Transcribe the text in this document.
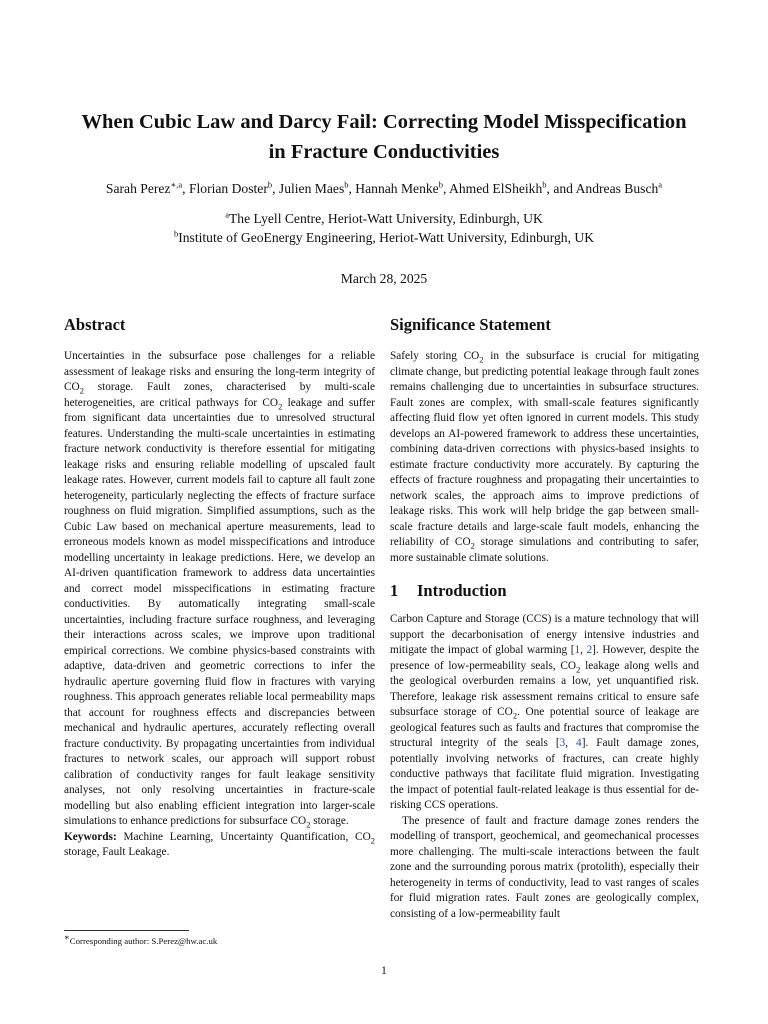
When Cubic Law and Darcy Fail: Correcting Model Misspecification
in Fracture Conductivities
Sarah Perez$^{∗,a}$, Florian Doster$^b$, Julien Maes$^b$, Hannah Menke$^b$, Ahmed ElSheikh$^b$, and Andreas Busch$^a$
$^a$The Lyell Centre, Heriot-Watt University, Edinburgh, UK
$^b$Institute of GeoEnergy Engineering, Heriot-Watt University, Edinburgh, UK
March 28, 2025
Abstract

Uncertainties in the subsurface pose challenges for a reliable assessment of leakage risks and ensuring the long-term integrity of $CO_2$ storage. Fault zones, characterised by multi-scale heterogeneities, are critical pathways for $CO_2$ leakage and suffer from significant data uncertainties due to unresolved structural features. Understanding the multi-scale uncertainties in estimating fracture network conductivity is therefore essential for mitigating leakage risks and ensuring reliable modelling of upscaled fault leakage rates. However, current models fail to capture all fault zone heterogeneity, particularly neglecting the effects of fracture surface roughness on fluid migration. Simplified assumptions, such as the Cubic Law based on mechanical aperture measurements, lead to erroneous models known as model misspecifications and introduce modelling uncertainty in leakage predictions. Here, we develop an AI-driven quantification framework to address data uncertainties and correct model misspecifications in estimating fracture conductivities. By automatically integrating small-scale uncertainties, including fracture surface roughness, and leveraging their interactions across scales, we improve upon traditional empirical corrections. We combine physics-based constraints with adaptive, data-driven and geometric corrections to infer the hydraulic aperture governing fluid flow in fractures with varying roughness. This approach generates reliable local permeability maps that account for roughness effects and discrepancies between mechanical and hydraulic apertures, accurately reflecting overall fracture conductivity. By propagating uncertainties from individual fractures to network scales, our approach will support robust calibration of conductivity ranges for fault leakage sensitivity analyses, not only resolving uncertainties in fracture-scale modelling but also enabling efficient integration into larger-scale simulations to enhance predictions for subsurface $CO_2$ storage.

Keywords: Machine Learning, Uncertainty Quantification, $CO_2$ storage, Fault Leakage.

∗Corresponding author: S.Perez@hw.ac.uk
Significance Statement

Safely storing $CO_2$ in the subsurface is crucial for mitigating climate change, but predicting potential leakage through fault zones remains challenging due to uncertainties in subsurface structures. Fault zones are complex, with small-scale features significantly affecting fluid flow yet often ignored in current models. This study develops an AI-powered framework to address these uncertainties, combining data-driven corrections with physics-based insights to estimate fracture conductivity more accurately. By capturing the effects of fracture roughness and propagating their uncertainties to network scales, the approach aims to improve predictions of leakage risks. This work will help bridge the gap between small-scale fracture details and large-scale fault models, enhancing the reliability of $CO_2$ storage simulations and contributing to safer, more sustainable climate solutions.

1 Introduction

Carbon Capture and Storage (CCS) is a mature technology that will support the decarbonisation of energy intensive industries and mitigate the impact of global warming [1, 2]. However, despite the presence of low-permeability seals, $CO_2$ leakage along wells and the geological overburden remains a low, yet unquantified risk. Therefore, leakage risk assessment remains critical to ensure safe subsurface storage of $CO_2$. One potential source of leakage are geological features such as faults and fractures that compromise the structural integrity of the seals [3, 4]. Fault damage zones, potentially involving networks of fractures, can create highly conductive pathways that facilitate fluid migration. Investigating the impact of potential fault-related leakage is thus essential for de-risking CCS operations.

The presence of fault and fracture damage zones renders the modelling of transport, geochemical, and geomechanical processes more challenging. The multi-scale interactions between the fault zone and the surrounding porous matrix (protolith), especially their heterogeneity in terms of conductivity, lead to vast ranges of scales for fluid migration rates. Fault zones are geologically complex, consisting of a low-permeability fault

1
